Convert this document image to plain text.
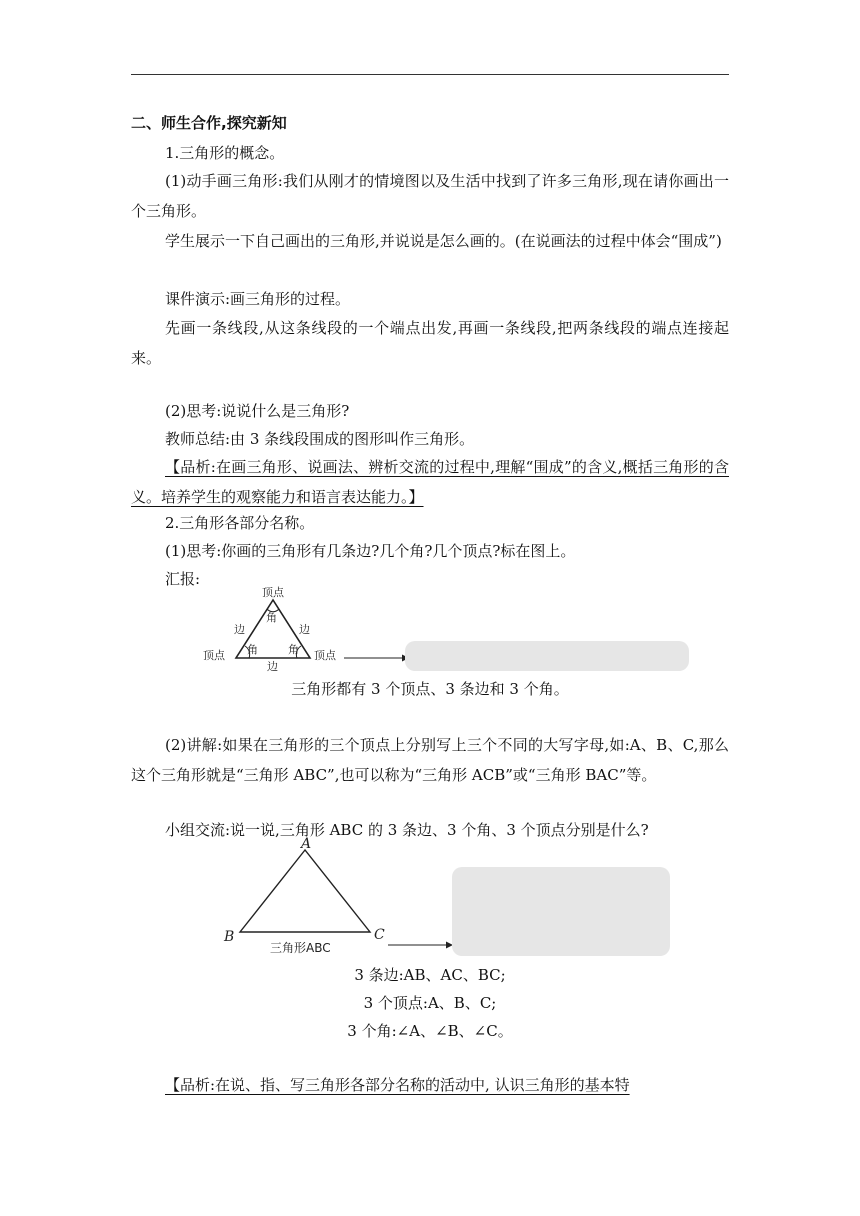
二、师生合作,探究新知
1.三角形的概念。
(1)动手画三角形:我们从刚才的情境图以及生活中找到了许多三角形,现在请你画出一个三角形。
学生展示一下自己画出的三角形,并说说是怎么画的。(在说画法的过程中体会“围成”)
课件演示:画三角形的过程。
先画一条线段,从这条线段的一个端点出发,再画一条线段,把两条线段的端点连接起来。
(2)思考:说说什么是三角形?
教师总结:由 3 条线段围成的图形叫作三角形。
【品析:在画三角形、说画法、辨析交流的过程中,理解“围成”的含义,概括三角形的含义。培养学生的观察能力和语言表达能力。】
2.三角形各部分名称。
(1)思考:你画的三角形有几条边?几个角?几个顶点?标在图上。
汇报:
顶点
角
角	角
边	边
边
顶点	顶点
三角形都有 3 个顶点、3 条边和 3 个角。
(2)讲解:如果在三角形的三个顶点上分别写上三个不同的大写字母,如:A、B、C,那么这个三角形就是“三角形 ABC”,也可以称为“三角形 ACB”或“三角形 BAC”等。
小组交流:说一说,三角形 ABC 的 3 条边、3 个角、3 个顶点分别是什么?
A
B	C
三角形ABC
3 条边:AB、AC、BC;
3 个顶点:A、B、C;
3 个角:∠A、∠B、∠C。
【品析:在说、指、写三角形各部分名称的活动中, 认识三角形的基本特
